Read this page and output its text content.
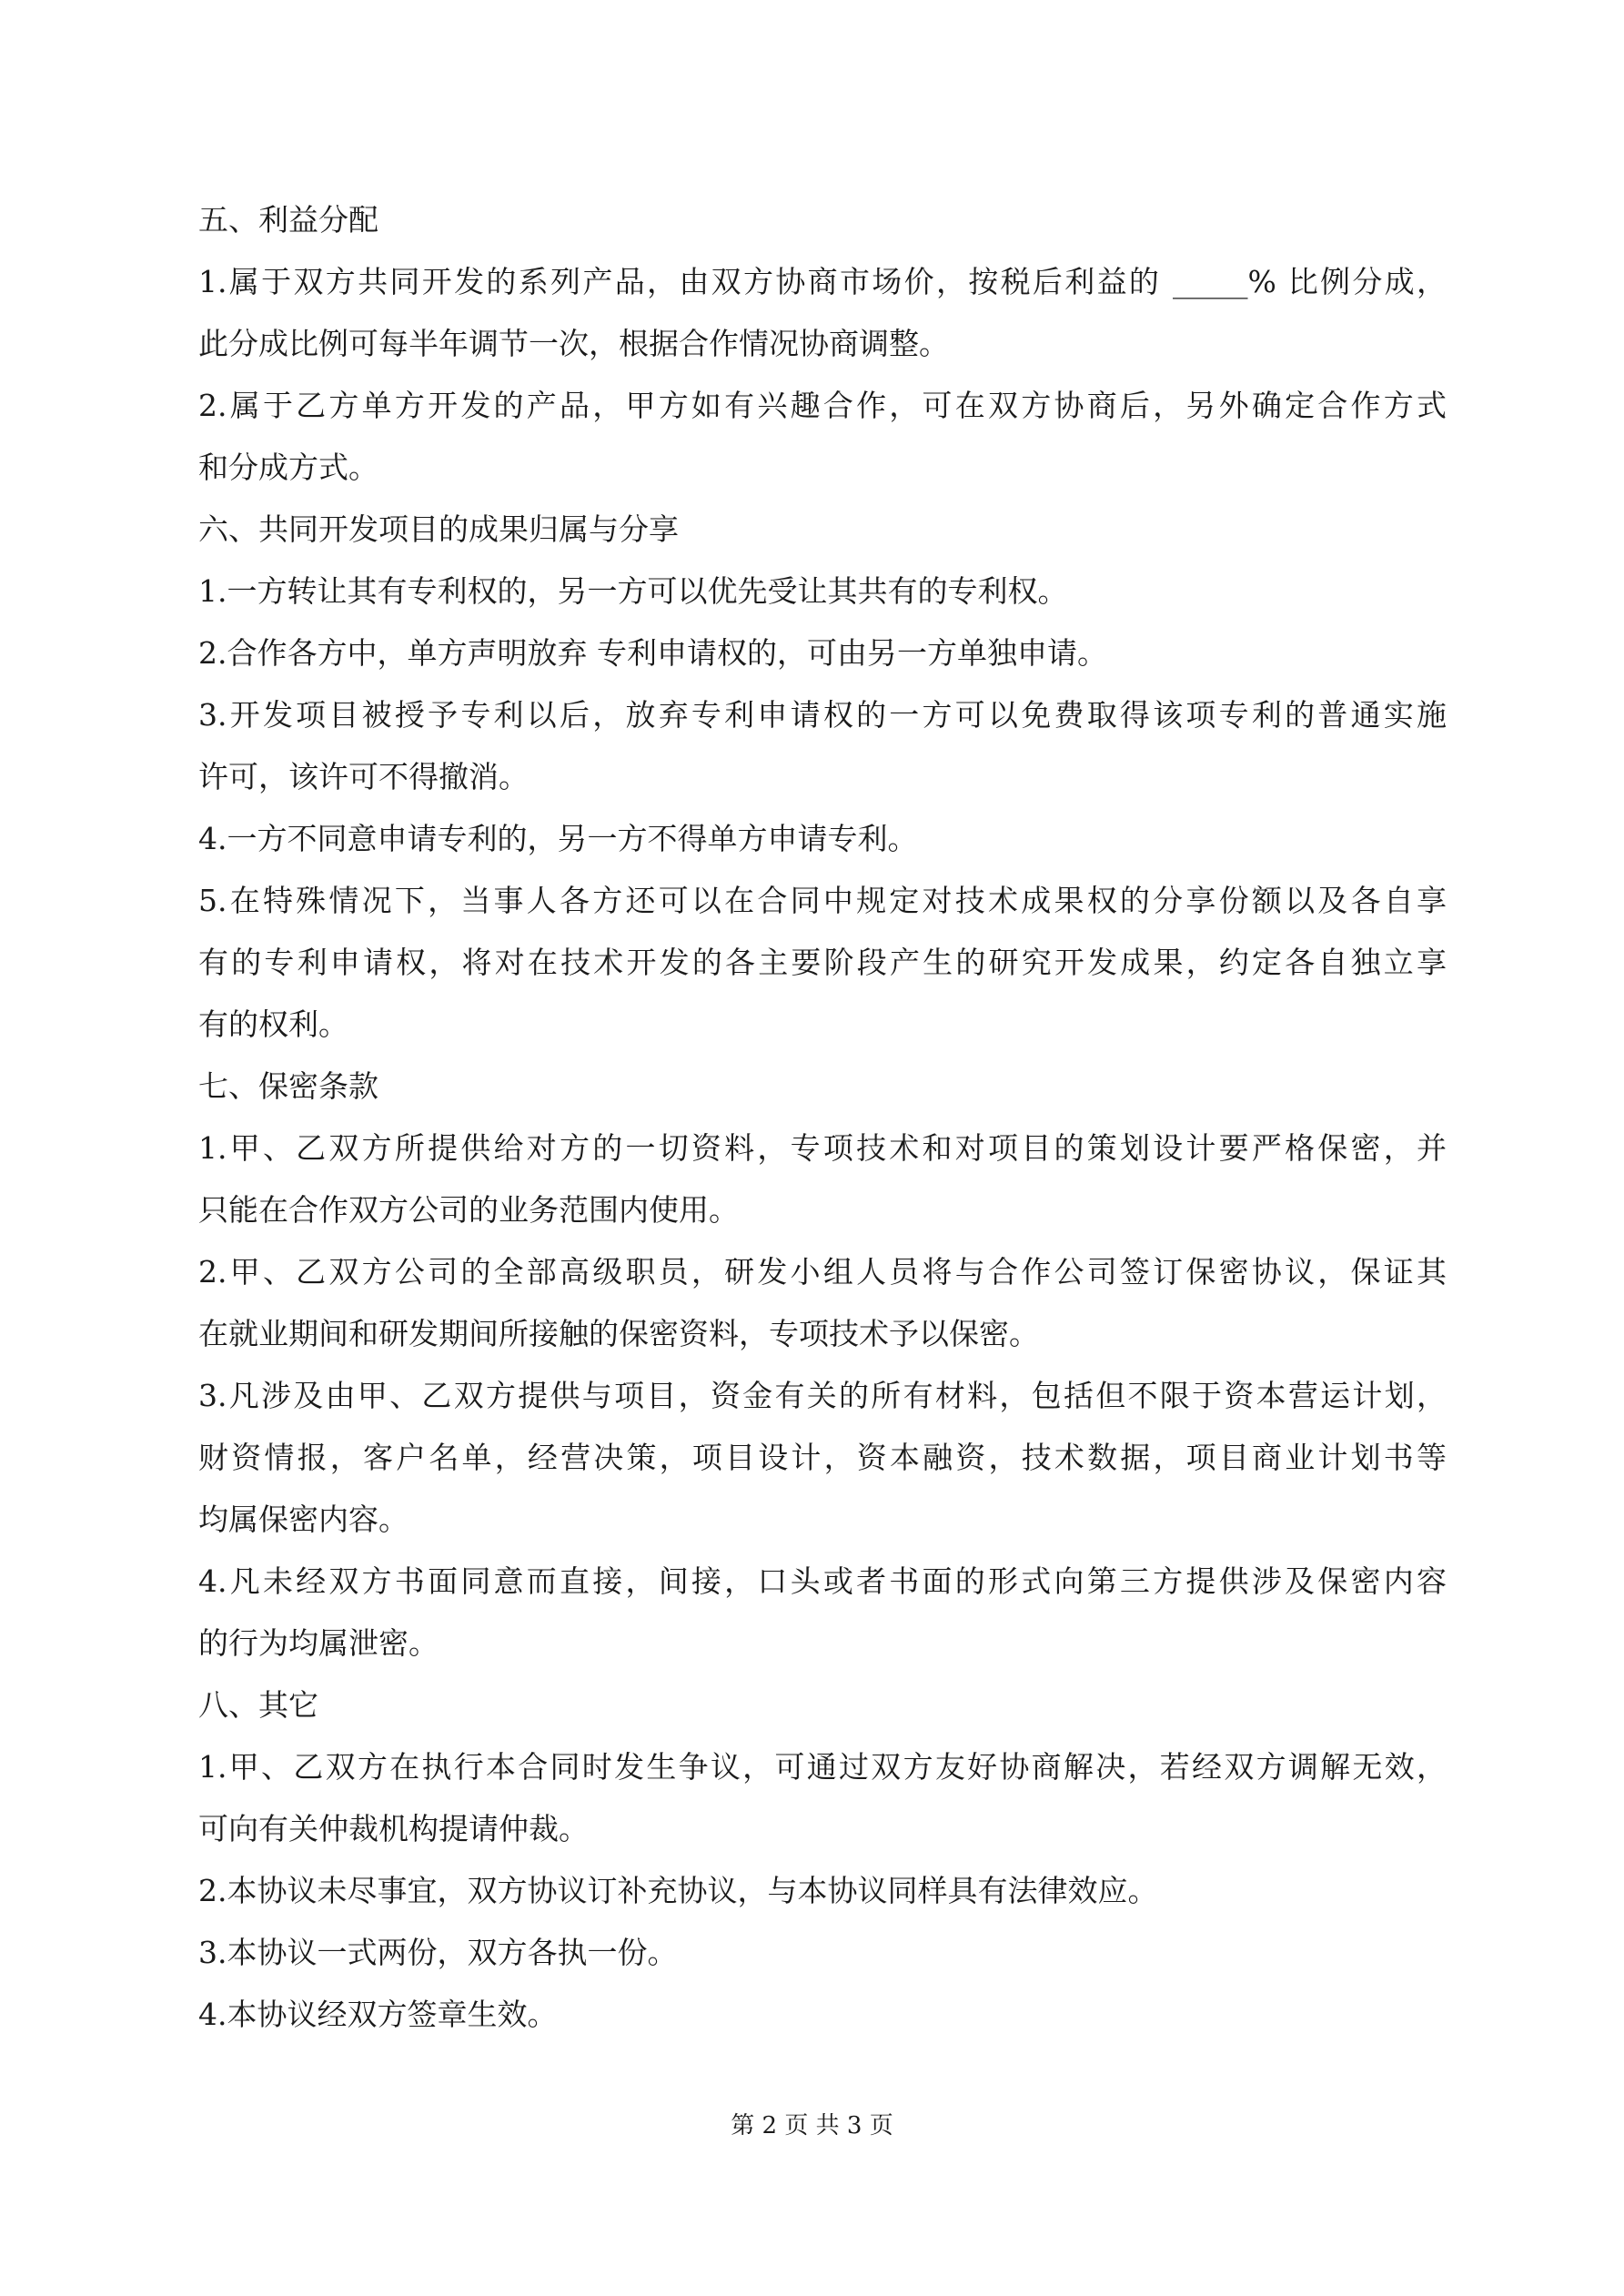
五、利益分配
1.属于双方共同开发的系列产品，由双方协商市场价，按税后利益的 _____% 比例分成，
此分成比例可每半年调节一次，根据合作情况协商调整。
2.属于乙方单方开发的产品，甲方如有兴趣合作，可在双方协商后，另外确定合作方式
和分成方式。
六、共同开发项目的成果归属与分享
1.一方转让其有专利权的，另一方可以优先受让其共有的专利权。
2.合作各方中，单方声明放弃 专利申请权的，可由另一方单独申请。
3.开发项目被授予专利以后，放弃专利申请权的一方可以免费取得该项专利的普通实施
许可，该许可不得撤消。
4.一方不同意申请专利的，另一方不得单方申请专利。
5.在特殊情况下，当事人各方还可以在合同中规定对技术成果权的分享份额以及各自享
有的专利申请权，将对在技术开发的各主要阶段产生的研究开发成果，约定各自独立享
有的权利。
七、保密条款
1.甲、乙双方所提供给对方的一切资料，专项技术和对项目的策划设计要严格保密，并
只能在合作双方公司的业务范围内使用。
2.甲、乙双方公司的全部高级职员，研发小组人员将与合作公司签订保密协议，保证其
在就业期间和研发期间所接触的保密资料，专项技术予以保密。
3.凡涉及由甲、乙双方提供与项目，资金有关的所有材料，包括但不限于资本营运计划，
财资情报，客户名单，经营决策，项目设计，资本融资，技术数据，项目商业计划书等
均属保密内容。
4.凡未经双方书面同意而直接，间接，口头或者书面的形式向第三方提供涉及保密内容
的行为均属泄密。
八、其它
1.甲、乙双方在执行本合同时发生争议，可通过双方友好协商解决，若经双方调解无效，
可向有关仲裁机构提请仲裁。
2.本协议未尽事宜，双方协议订补充协议，与本协议同样具有法律效应。
3.本协议一式两份，双方各执一份。
4.本协议经双方签章生效。
第 2 页 共 3 页
